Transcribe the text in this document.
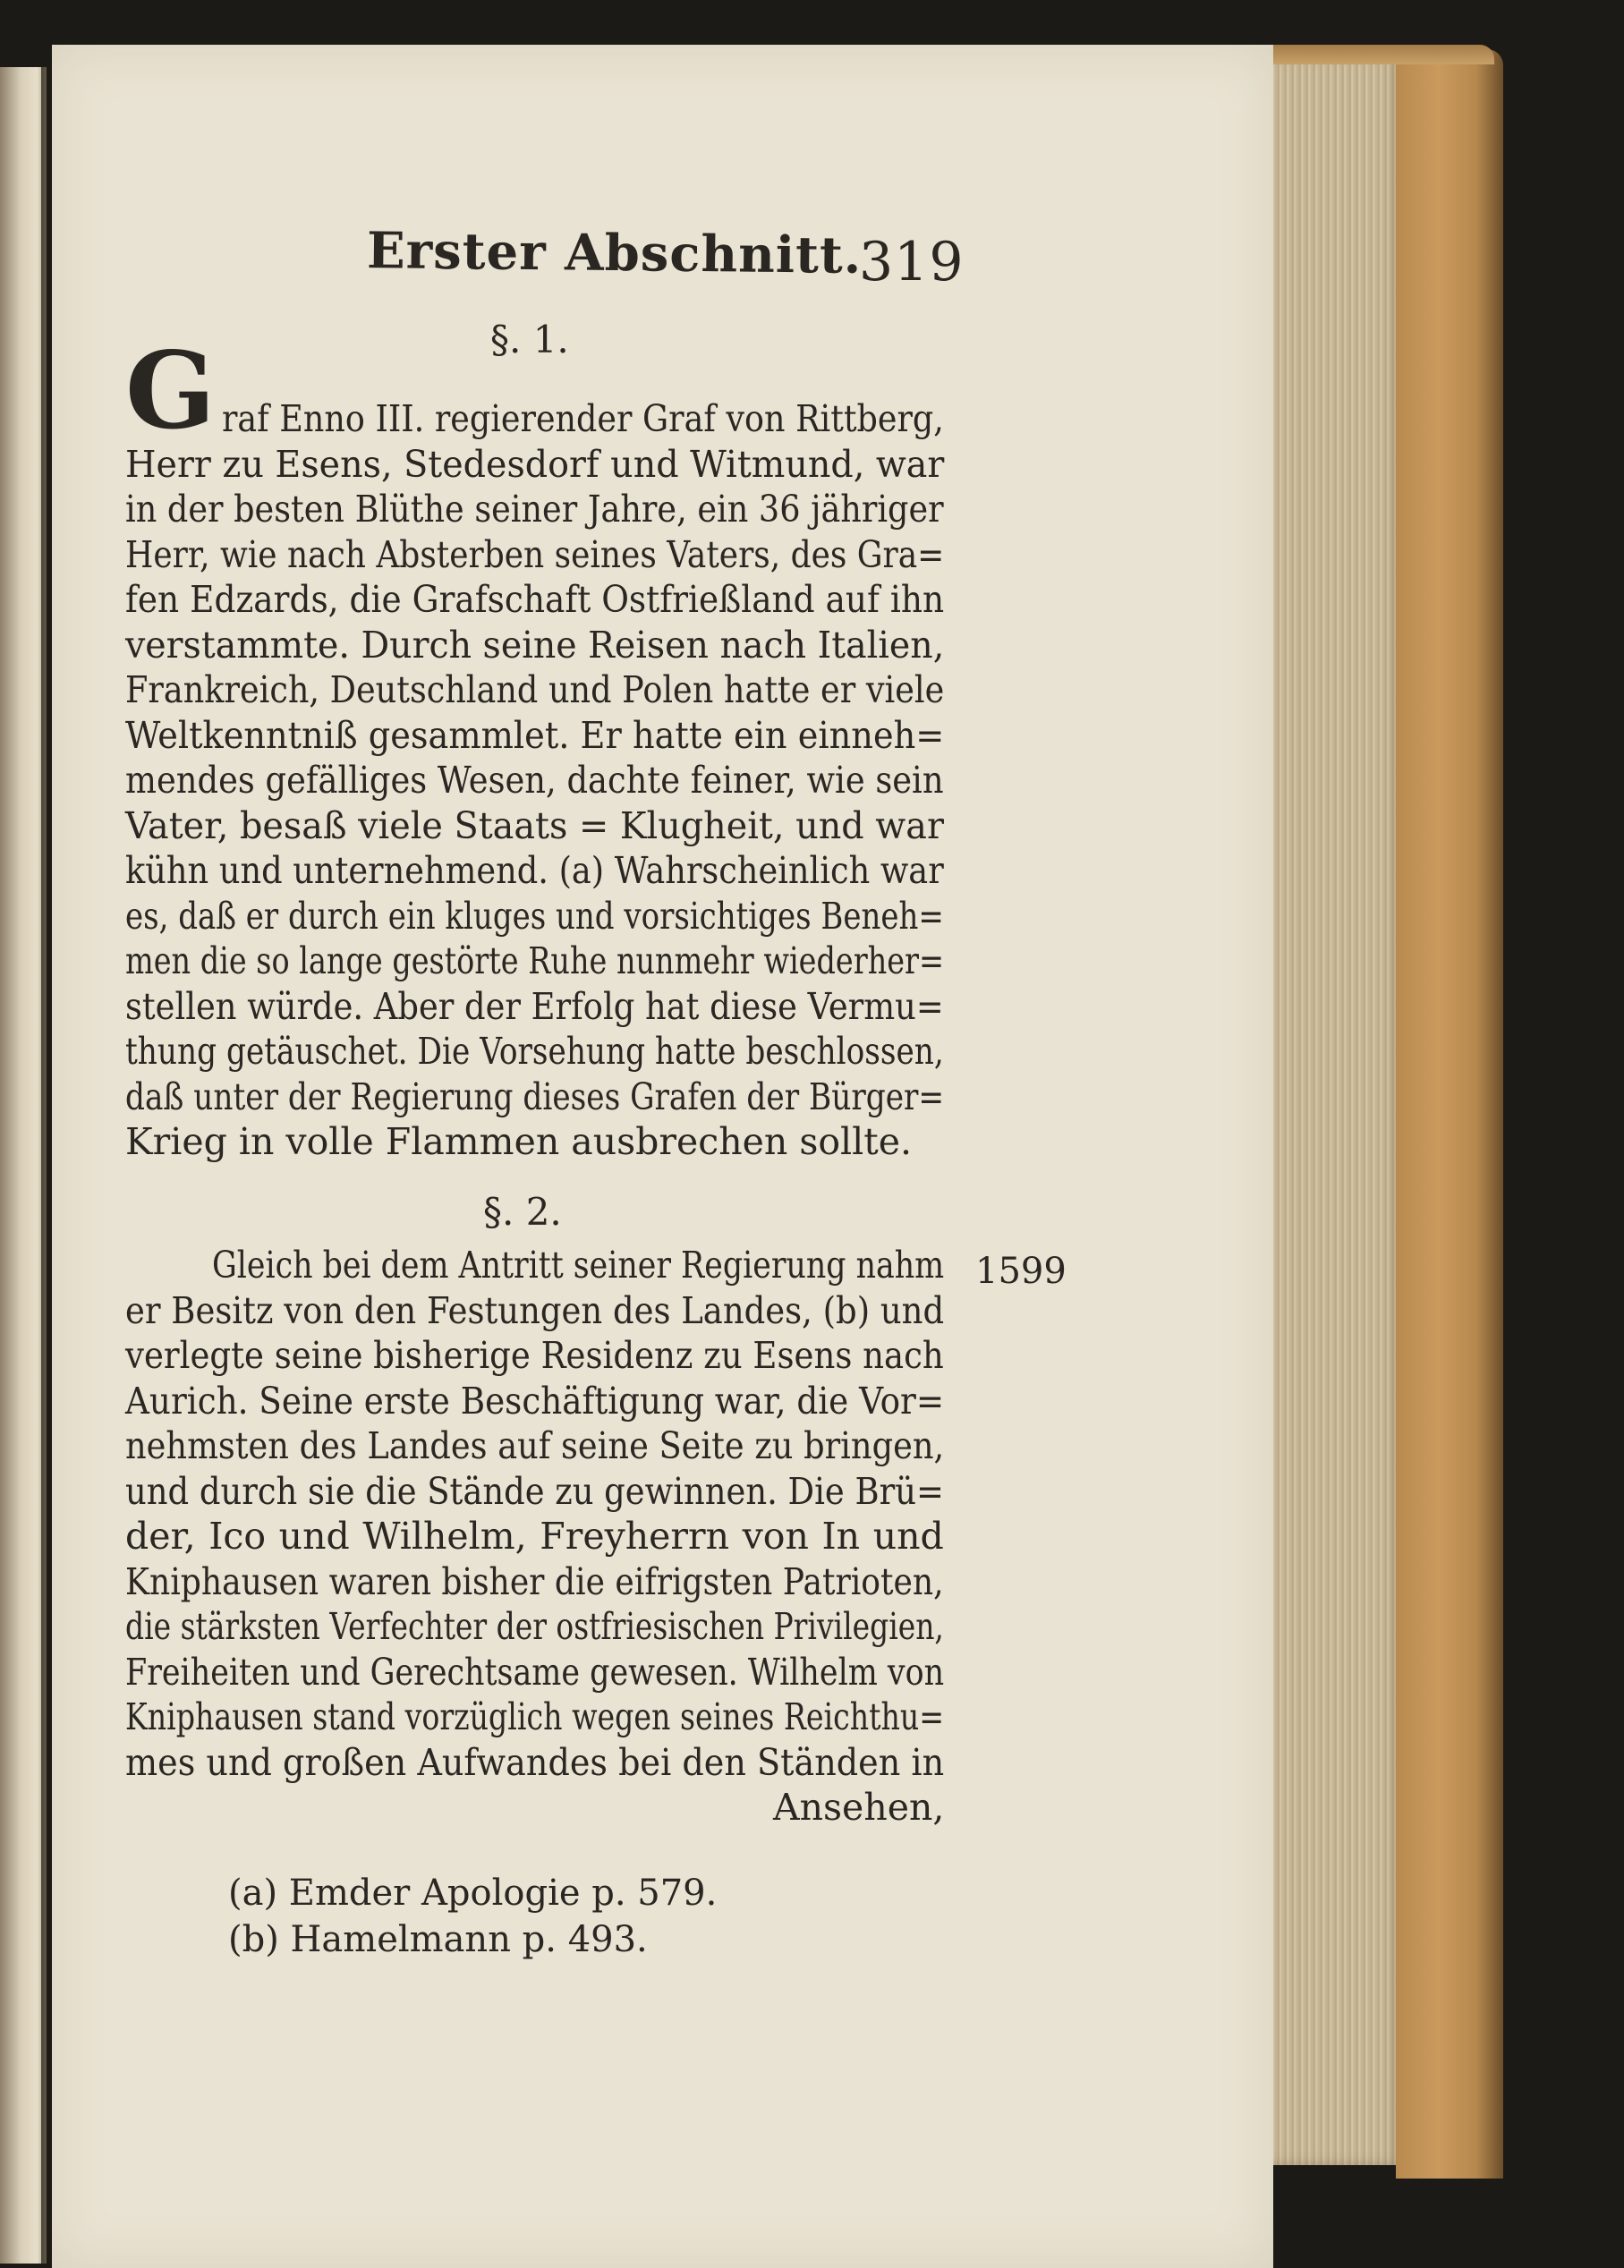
Erster Abschnitt.
319
§. 1.
G raf Enno III. regierender Graf von Rittberg,
Herr zu Esens, Stedesdorf und Witmund, war
in der besten Blüthe seiner Jahre, ein 36 jähriger
Herr, wie nach Absterben seines Vaters, des Gra=
fen Edzards, die Grafschaft Ostfrießland auf ihn
verstammte. Durch seine Reisen nach Italien,
Frankreich, Deutschland und Polen hatte er viele
Weltkenntniß gesammlet. Er hatte ein einneh=
mendes gefälliges Wesen, dachte feiner, wie sein
Vater, besaß viele Staats = Klugheit, und war
kühn und unternehmend. (a) Wahrscheinlich war
es, daß er durch ein kluges und vorsichtiges Beneh=
men die so lange gestörte Ruhe nunmehr wiederher=
stellen würde. Aber der Erfolg hat diese Vermu=
thung getäuschet. Die Vorsehung hatte beschlossen,
daß unter der Regierung dieses Grafen der Bürger=
Krieg in volle Flammen ausbrechen sollte.
§. 2.
1599
Gleich bei dem Antritt seiner Regierung nahm
er Besitz von den Festungen des Landes, (b) und
verlegte seine bisherige Residenz zu Esens nach
Aurich. Seine erste Beschäftigung war, die Vor=
nehmsten des Landes auf seine Seite zu bringen,
und durch sie die Stände zu gewinnen. Die Brü=
der, Ico und Wilhelm, Freyherrn von In und
Kniphausen waren bisher die eifrigsten Patrioten,
die stärksten Verfechter der ostfriesischen Privilegien,
Freiheiten und Gerechtsame gewesen. Wilhelm von
Kniphausen stand vorzüglich wegen seines Reichthu=
mes und großen Aufwandes bei den Ständen in
Ansehen,
(a) Emder Apologie p. 579.
(b) Hamelmann p. 493.
